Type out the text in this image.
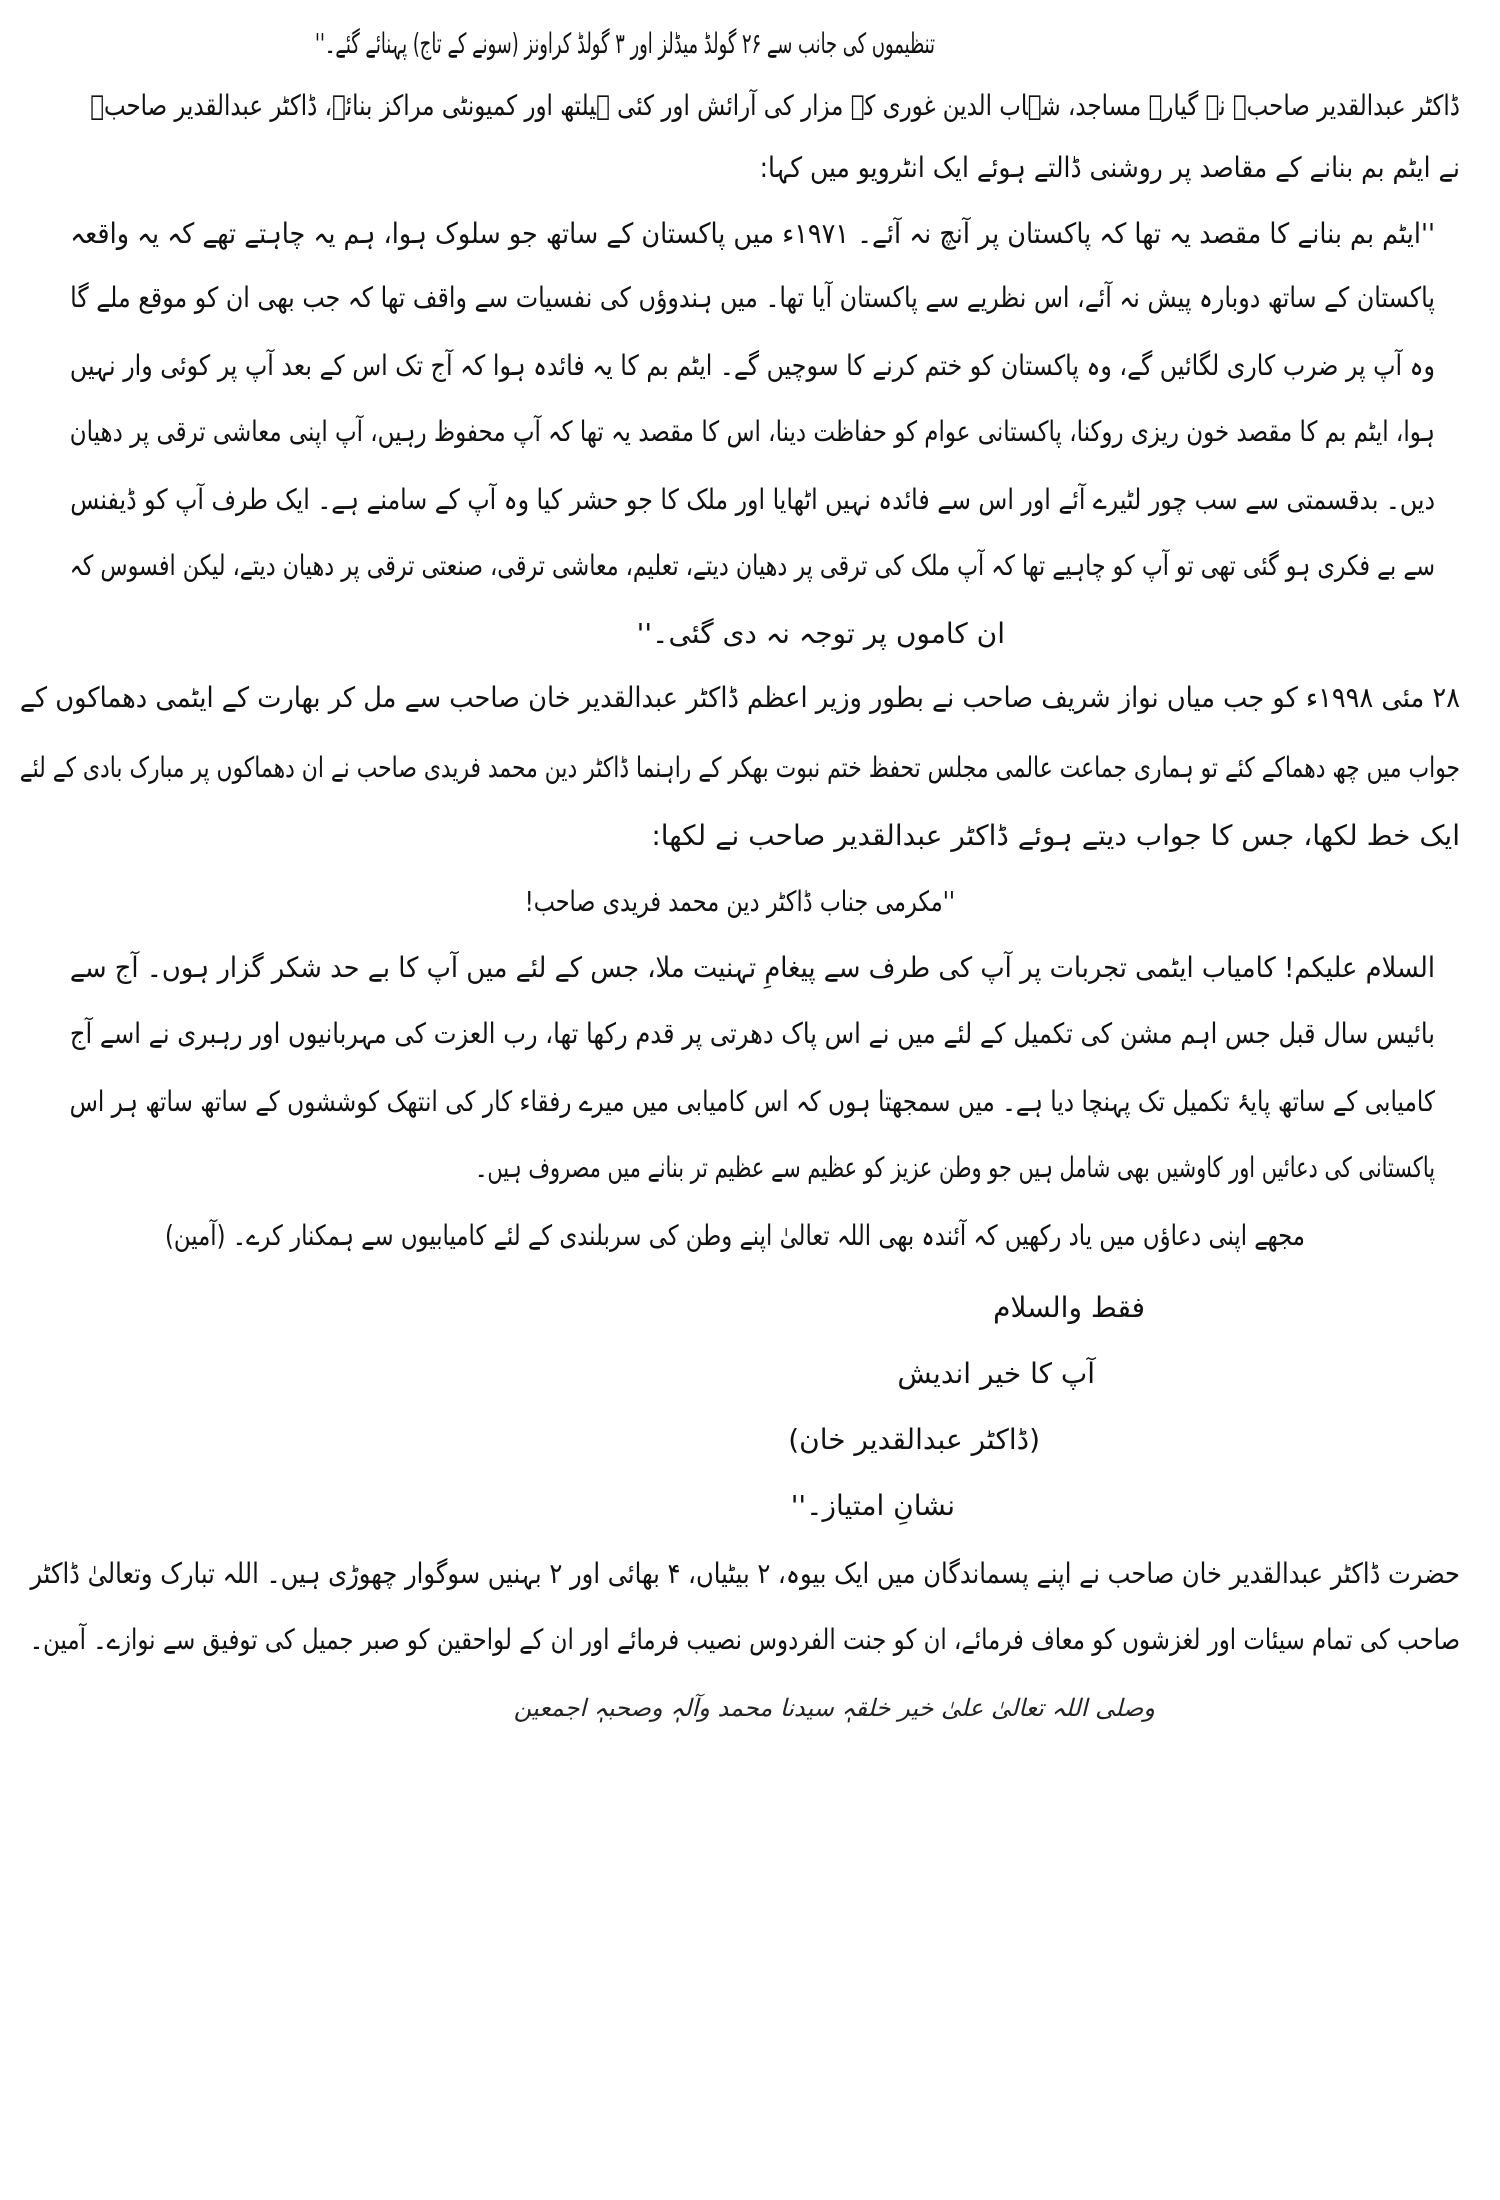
تنظیموں کی جانب سے ۲۶ گولڈ میڈلز اور ۳ گولڈ کراونز (سونے کے تاج) پہنائے گئے۔''
ڈاکٹر عبدالقدیر صاحبؒ نے گیارہ مساجد، شہاب الدین غوری کے مزار کی آرائش اور کئی ہیلتھ اور کمیونٹی مراکز بنائے، ڈاکٹر عبدالقدیر صاحبؒ
نے ایٹم بم بنانے کے مقاصد پر روشنی ڈالتے ہوئے ایک انٹرویو میں کہا:
''ایٹم بم بنانے کا مقصد یہ تھا کہ پاکستان پر آنچ نہ آئے۔ ۱۹۷۱ء میں پاکستان کے ساتھ جو سلوک ہوا، ہم یہ چاہتے تھے کہ یہ واقعہ
پاکستان کے ساتھ دوبارہ پیش نہ آئے، اس نظریے سے پاکستان آیا تھا۔ میں ہندوؤں کی نفسیات سے واقف تھا کہ جب بھی ان کو موقع ملے گا
وہ آپ پر ضرب کاری لگائیں گے، وہ پاکستان کو ختم کرنے کا سوچیں گے۔ ایٹم بم کا یہ فائدہ ہوا کہ آج تک اس کے بعد آپ پر کوئی وار نہیں
ہوا، ایٹم بم کا مقصد خون ریزی روکنا، پاکستانی عوام کو حفاظت دینا، اس کا مقصد یہ تھا کہ آپ محفوظ رہیں، آپ اپنی معاشی ترقی پر دھیان
دیں۔ بدقسمتی سے سب چور لٹیرے آئے اور اس سے فائدہ نہیں اٹھایا اور ملک کا جو حشر کیا وہ آپ کے سامنے ہے۔ ایک طرف آپ کو ڈیفنس
سے بے فکری ہو گئی تھی تو آپ کو چاہیے تھا کہ آپ ملک کی ترقی پر دھیان دیتے، تعلیم، معاشی ترقی، صنعتی ترقی پر دھیان دیتے، لیکن افسوس کہ
ان کاموں پر توجہ نہ دی گئی۔''
۲۸ مئی ۱۹۹۸ء کو جب میاں نواز شریف صاحب نے بطور وزیر اعظم ڈاکٹر عبدالقدیر خان صاحب سے مل کر بھارت کے ایٹمی دھماکوں کے
جواب میں چھ دھماکے کئے تو ہماری جماعت عالمی مجلس تحفظ ختم نبوت بھکر کے راہنما ڈاکٹر دین محمد فریدی صاحب نے ان دھماکوں پر مبارک بادی کے لئے
ایک خط لکھا، جس کا جواب دیتے ہوئے ڈاکٹر عبدالقدیر صاحب نے لکھا:
''مکرمی جناب ڈاکٹر دین محمد فریدی صاحب!
السلام علیکم! کامیاب ایٹمی تجربات پر آپ کی طرف سے پیغامِ تہنیت ملا، جس کے لئے میں آپ کا بے حد شکر گزار ہوں۔ آج سے
بائیس سال قبل جس اہم مشن کی تکمیل کے لئے میں نے اس پاک دھرتی پر قدم رکھا تھا، رب العزت کی مہربانیوں اور رہبری نے اسے آج
کامیابی کے ساتھ پایۂ تکمیل تک پہنچا دیا ہے۔ میں سمجھتا ہوں کہ اس کامیابی میں میرے رفقاء کار کی انتھک کوششوں کے ساتھ ساتھ ہر اس
پاکستانی کی دعائیں اور کاوشیں بھی شامل ہیں جو وطن عزیز کو عظیم سے عظیم تر بنانے میں مصروف ہیں۔
مجھے اپنی دعاؤں میں یاد رکھیں کہ آئندہ بھی اللہ تعالیٰ اپنے وطن کی سربلندی کے لئے کامیابیوں سے ہمکنار کرے۔ (آمین)
فقط والسلام
آپ کا خیر اندیش
(ڈاکٹر عبدالقدیر خان)
نشانِ امتیاز۔''
حضرت ڈاکٹر عبدالقدیر خان صاحب نے اپنے پسماندگان میں ایک بیوہ، ۲ بیٹیاں، ۴ بھائی اور ۲ بہنیں سوگوار چھوڑی ہیں۔ اللہ تبارک وتعالیٰ ڈاکٹر
صاحب کی تمام سیئات اور لغزشوں کو معاف فرمائے، ان کو جنت الفردوس نصیب فرمائے اور ان کے لواحقین کو صبر جمیل کی توفیق سے نوازے۔ آمین۔
وصلی اللہ تعالیٰ علیٰ خیر خلقہٖ سیدنا محمد وآلہٖ وصحبہٖ اجمعین
